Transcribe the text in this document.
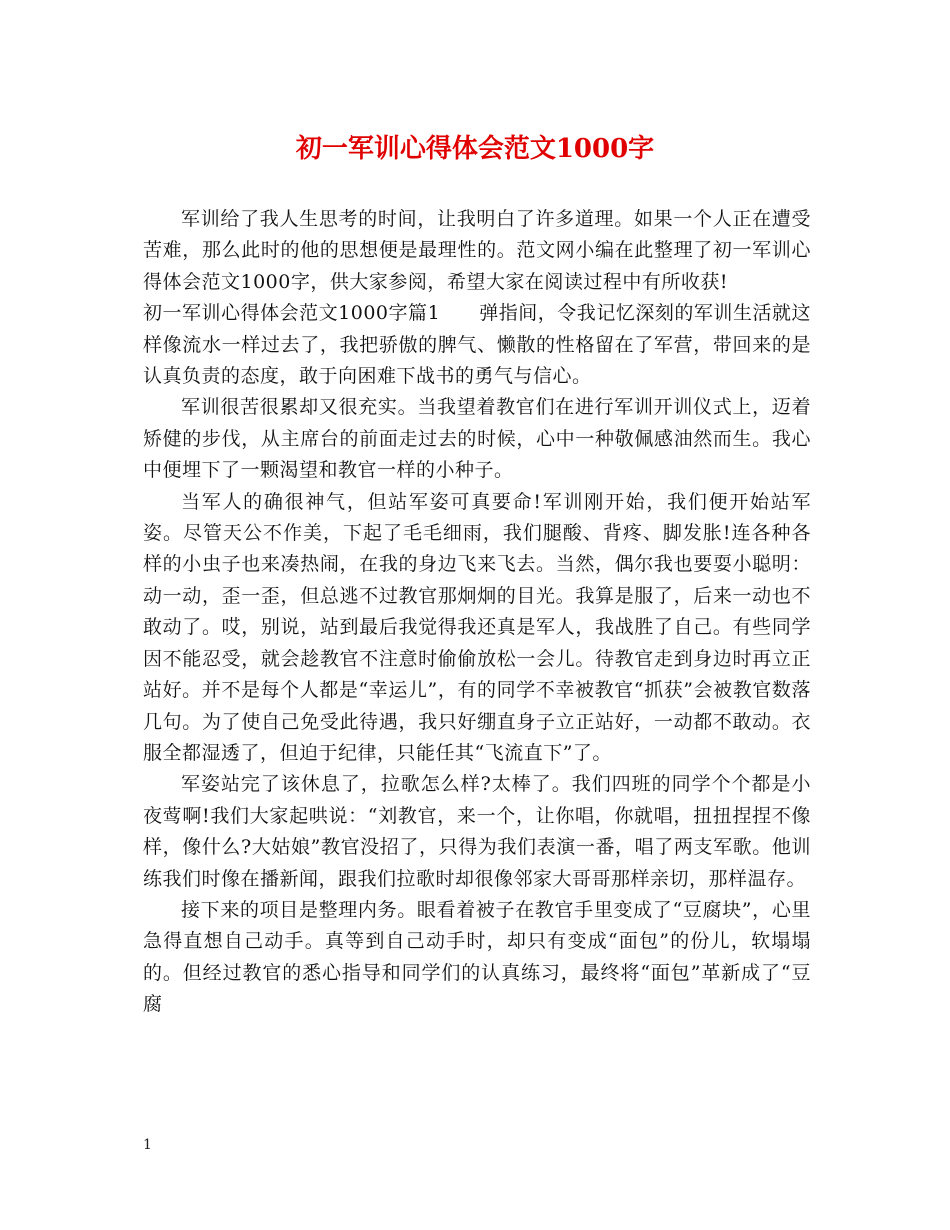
初一军训心得体会范文1000字

军训给了我人生思考的时间，让我明白了许多道理。如果一个人正在遭受苦难，那么此时的他的思想便是最理性的。范文网小编在此整理了初一军训心得体会范文1000字，供大家参阅，希望大家在阅读过程中有所收获!

初一军训心得体会范文1000字篇1　　弹指间，令我记忆深刻的军训生活就这样像流水一样过去了，我把骄傲的脾气、懒散的性格留在了军营，带回来的是认真负责的态度，敢于向困难下战书的勇气与信心。

军训很苦很累却又很充实。当我望着教官们在进行军训开训仪式上，迈着矫健的步伐，从主席台的前面走过去的时候，心中一种敬佩感油然而生。我心中便埋下了一颗渴望和教官一样的小种子。

当军人的确很神气，但站军姿可真要命!军训刚开始，我们便开始站军姿。尽管天公不作美，下起了毛毛细雨，我们腿酸、背疼、脚发胀!连各种各样的小虫子也来凑热闹，在我的身边飞来飞去。当然，偶尔我也要耍小聪明：动一动，歪一歪，但总逃不过教官那炯炯的目光。我算是服了，后来一动也不敢动了。哎，别说，站到最后我觉得我还真是军人，我战胜了自己。有些同学因不能忍受，就会趁教官不注意时偷偷放松一会儿。待教官走到身边时再立正站好。并不是每个人都是“幸运儿”，有的同学不幸被教官“抓获”会被教官数落几句。为了使自己免受此待遇，我只好绷直身子立正站好，一动都不敢动。衣服全都湿透了，但迫于纪律，只能任其“飞流直下”了。

军姿站完了该休息了，拉歌怎么样?太棒了。我们四班的同学个个都是小夜莺啊!我们大家起哄说：“刘教官，来一个，让你唱，你就唱，扭扭捏捏不像样，像什么?大姑娘”教官没招了，只得为我们表演一番，唱了两支军歌。他训练我们时像在播新闻，跟我们拉歌时却很像邻家大哥哥那样亲切，那样温存。

接下来的项目是整理内务。眼看着被子在教官手里变成了“豆腐块”，心里急得直想自己动手。真等到自己动手时，却只有变成“面包”的份儿，软塌塌的。但经过教官的悉心指导和同学们的认真练习，最终将“面包”革新成了“豆腐

1
